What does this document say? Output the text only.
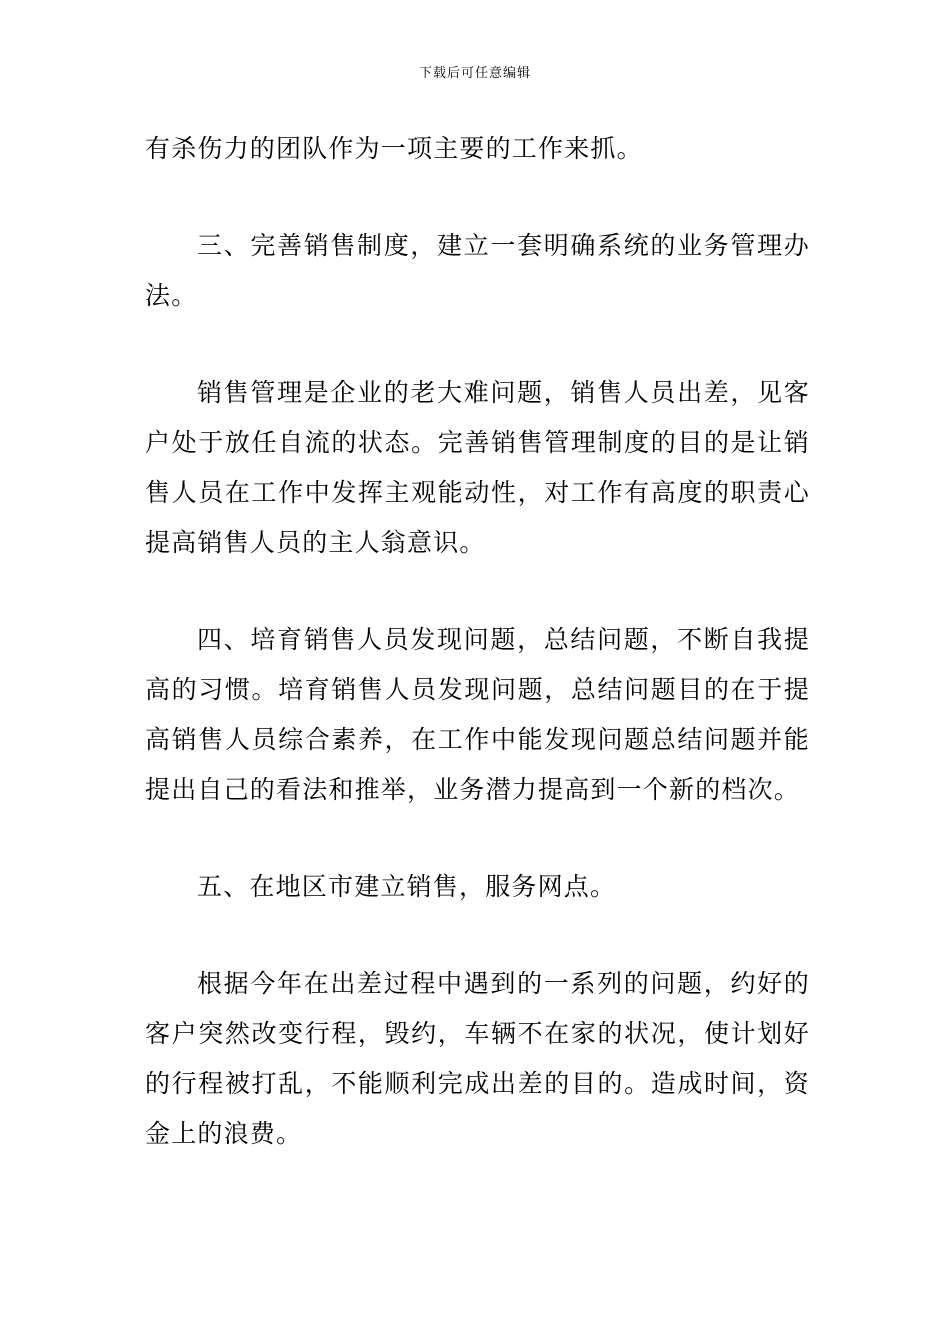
下载后可任意编辑

有杀伤力的团队作为一项主要的工作来抓。

三、完善销售制度，建立一套明确系统的业务管理办法。

销售管理是企业的老大难问题，销售人员出差，见客户处于放任自流的状态。完善销售管理制度的目的是让销售人员在工作中发挥主观能动性，对工作有高度的职责心提高销售人员的主人翁意识。

四、培育销售人员发现问题，总结问题，不断自我提高的习惯。培育销售人员发现问题，总结问题目的在于提高销售人员综合素养，在工作中能发现问题总结问题并能提出自己的看法和推举，业务潜力提高到一个新的档次。

五、在地区市建立销售，服务网点。

根据今年在出差过程中遇到的一系列的问题，约好的客户突然改变行程，毁约，车辆不在家的状况，使计划好的行程被打乱，不能顺利完成出差的目的。造成时间，资金上的浪费。
